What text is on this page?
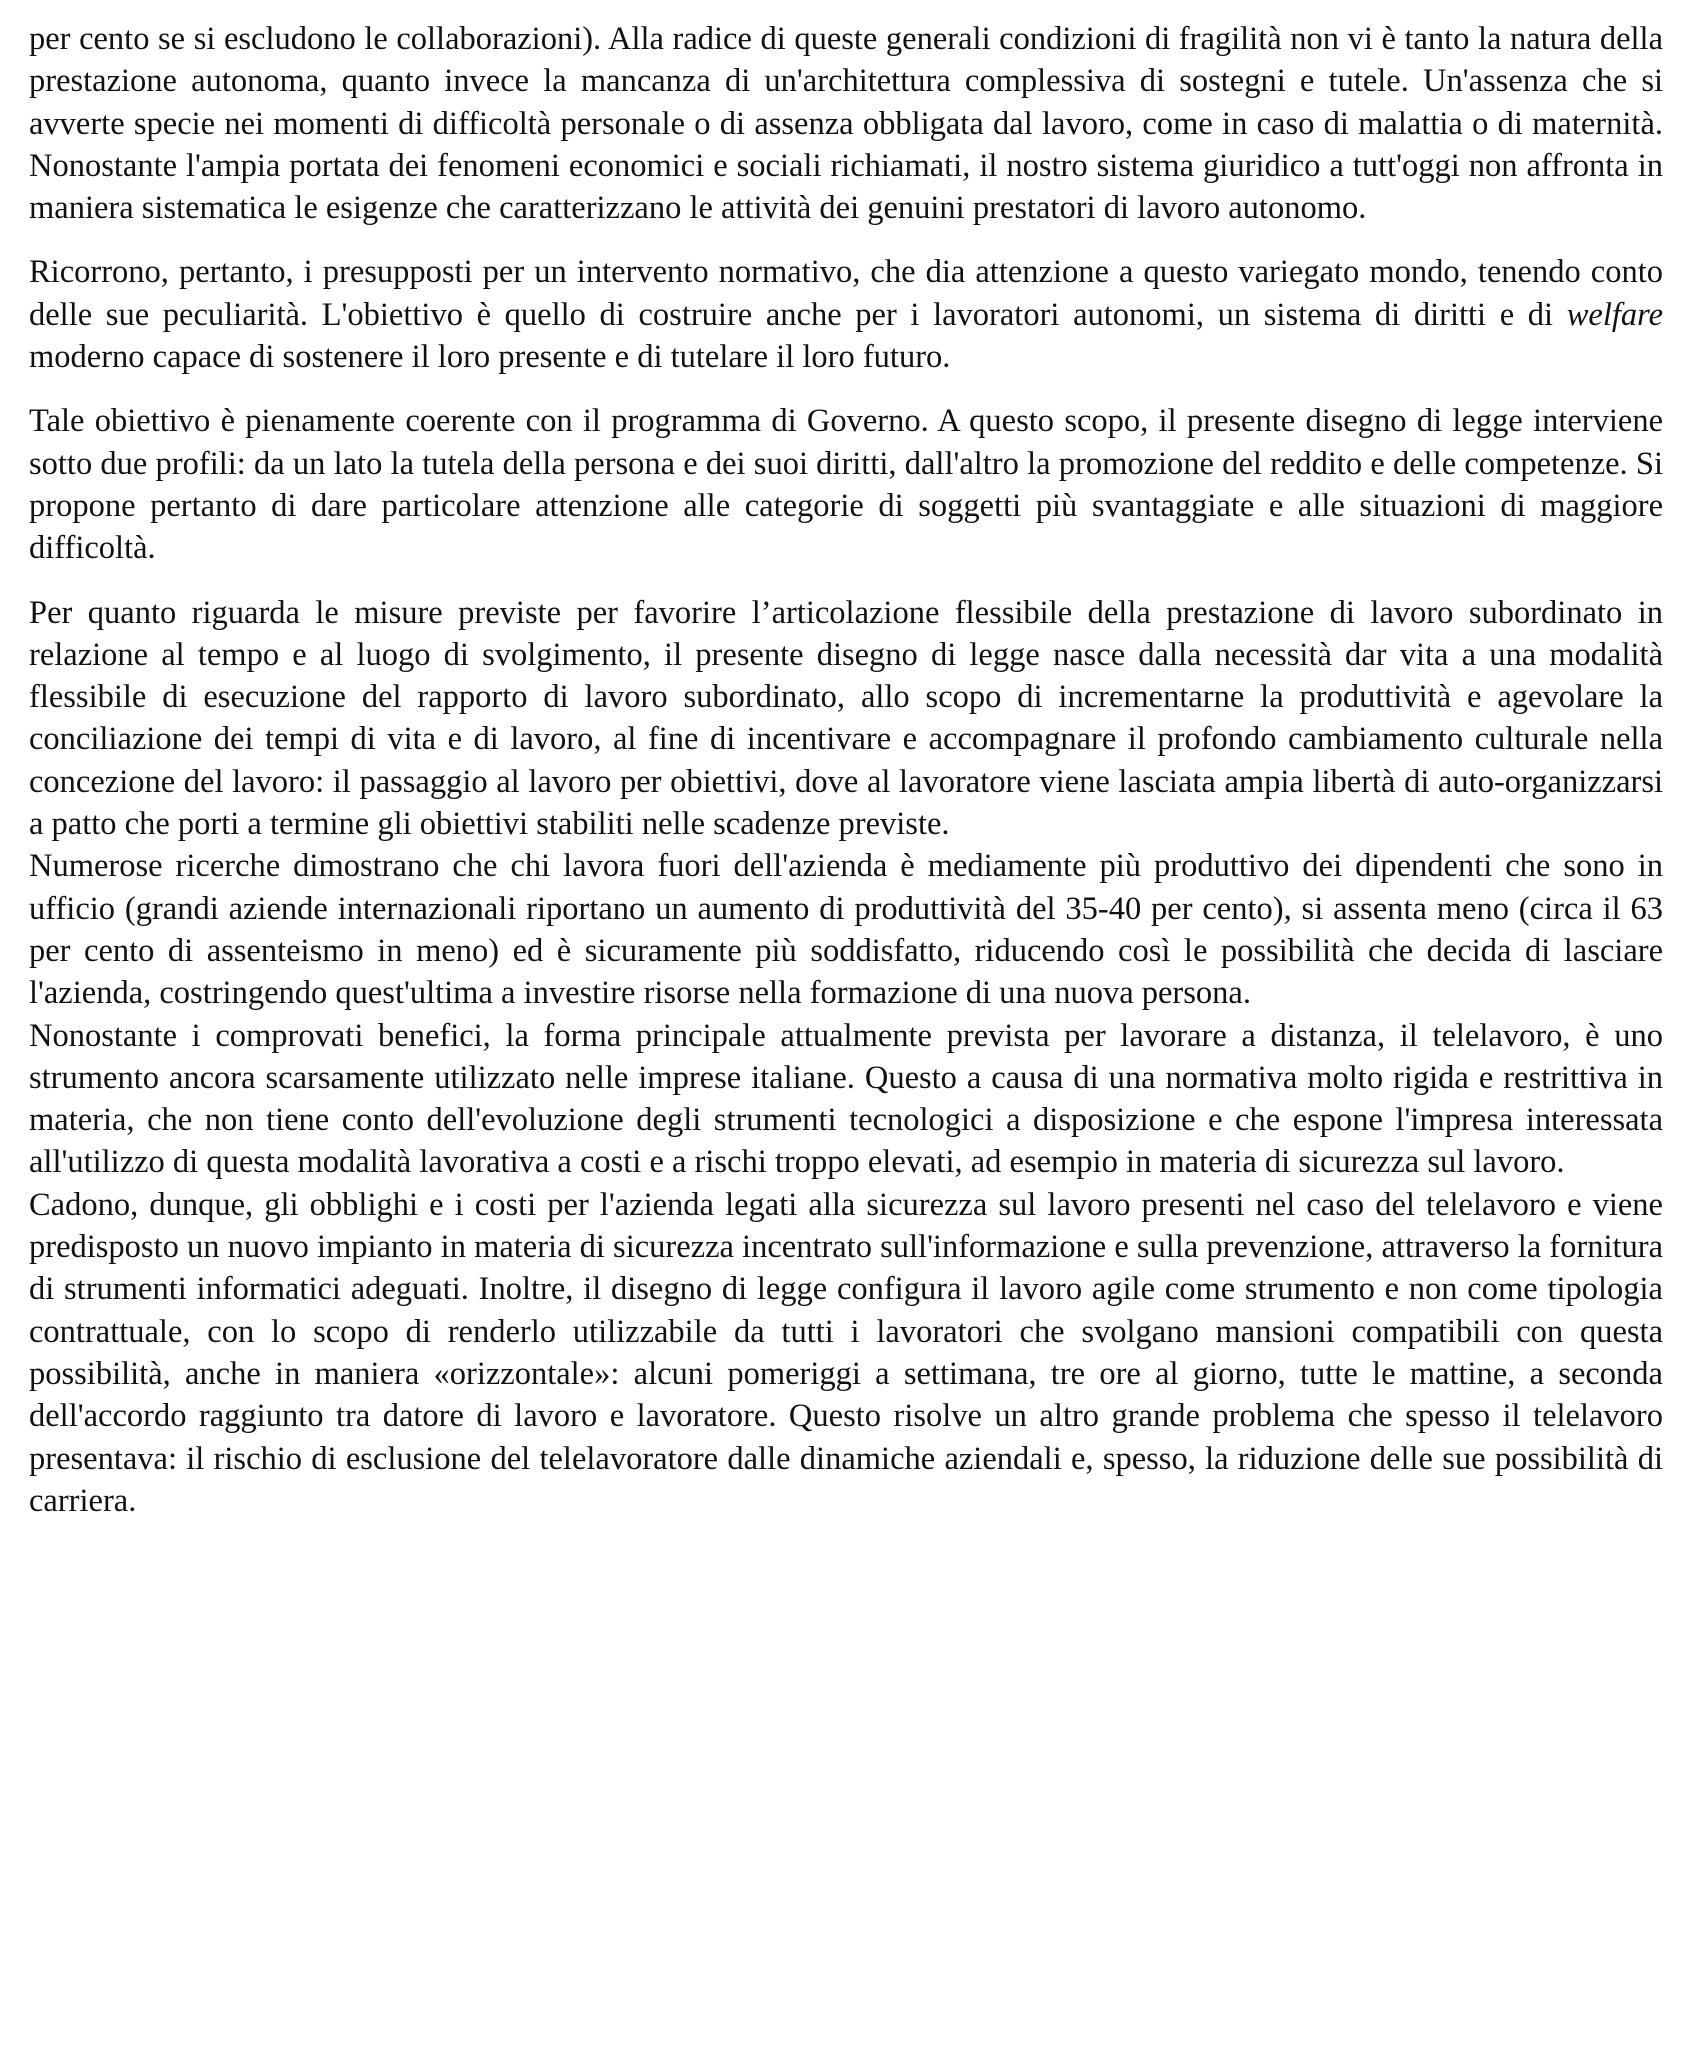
per cento se si escludono le collaborazioni). Alla radice di queste generali condizioni di fragilità non vi è tanto la natura della prestazione autonoma, quanto invece la mancanza di un'architettura complessiva di sostegni e tutele. Un'assenza che si avverte specie nei momenti di difficoltà personale o di assenza obbligata dal lavoro, come in caso di malattia o di maternità. Nonostante l'ampia portata dei fenomeni economici e sociali richiamati, il nostro sistema giuridico a tutt'oggi non affronta in maniera sistematica le esigenze che caratterizzano le attività dei genuini prestatori di lavoro autonomo.

Ricorrono, pertanto, i presupposti per un intervento normativo, che dia attenzione a questo variegato mondo, tenendo conto delle sue peculiarità. L'obiettivo è quello di costruire anche per i lavoratori autonomi, un sistema di diritti e di welfare moderno capace di sostenere il loro presente e di tutelare il loro futuro.

Tale obiettivo è pienamente coerente con il programma di Governo. A questo scopo, il presente disegno di legge interviene sotto due profili: da un lato la tutela della persona e dei suoi diritti, dall'altro la promozione del reddito e delle competenze. Si propone pertanto di dare particolare attenzione alle categorie di soggetti più svantaggiate e alle situazioni di maggiore difficoltà.

Per quanto riguarda le misure previste per favorire l’articolazione flessibile della prestazione di lavoro subordinato in relazione al tempo e al luogo di svolgimento, il presente disegno di legge nasce dalla necessità dar vita a una modalità flessibile di esecuzione del rapporto di lavoro subordinato, allo scopo di incrementarne la produttività e agevolare la conciliazione dei tempi di vita e di lavoro, al fine di incentivare e accompagnare il profondo cambiamento culturale nella concezione del lavoro: il passaggio al lavoro per obiettivi, dove al lavoratore viene lasciata ampia libertà di auto-organizzarsi a patto che porti a termine gli obiettivi stabiliti nelle scadenze previste.

Numerose ricerche dimostrano che chi lavora fuori dell'azienda è mediamente più produttivo dei dipendenti che sono in ufficio (grandi aziende internazionali riportano un aumento di produttività del 35-40 per cento), si assenta meno (circa il 63 per cento di assenteismo in meno) ed è sicuramente più soddisfatto, riducendo così le possibilità che decida di lasciare l'azienda, costringendo quest'ultima a investire risorse nella formazione di una nuova persona.

Nonostante i comprovati benefici, la forma principale attualmente prevista per lavorare a distanza, il telelavoro, è uno strumento ancora scarsamente utilizzato nelle imprese italiane. Questo a causa di una normativa molto rigida e restrittiva in materia, che non tiene conto dell'evoluzione degli strumenti tecnologici a disposizione e che espone l'impresa interessata all'utilizzo di questa modalità lavorativa a costi e a rischi troppo elevati, ad esempio in materia di sicurezza sul lavoro.

Cadono, dunque, gli obblighi e i costi per l'azienda legati alla sicurezza sul lavoro presenti nel caso del telelavoro e viene predisposto un nuovo impianto in materia di sicurezza incentrato sull'informazione e sulla prevenzione, attraverso la fornitura di strumenti informatici adeguati. Inoltre, il disegno di legge configura il lavoro agile come strumento e non come tipologia contrattuale, con lo scopo di renderlo utilizzabile da tutti i lavoratori che svolgano mansioni compatibili con questa possibilità, anche in maniera «orizzontale»: alcuni pomeriggi a settimana, tre ore al giorno, tutte le mattine, a seconda dell'accordo raggiunto tra datore di lavoro e lavoratore. Questo risolve un altro grande problema che spesso il telelavoro presentava: il rischio di esclusione del telelavoratore dalle dinamiche aziendali e, spesso, la riduzione delle sue possibilità di carriera.
